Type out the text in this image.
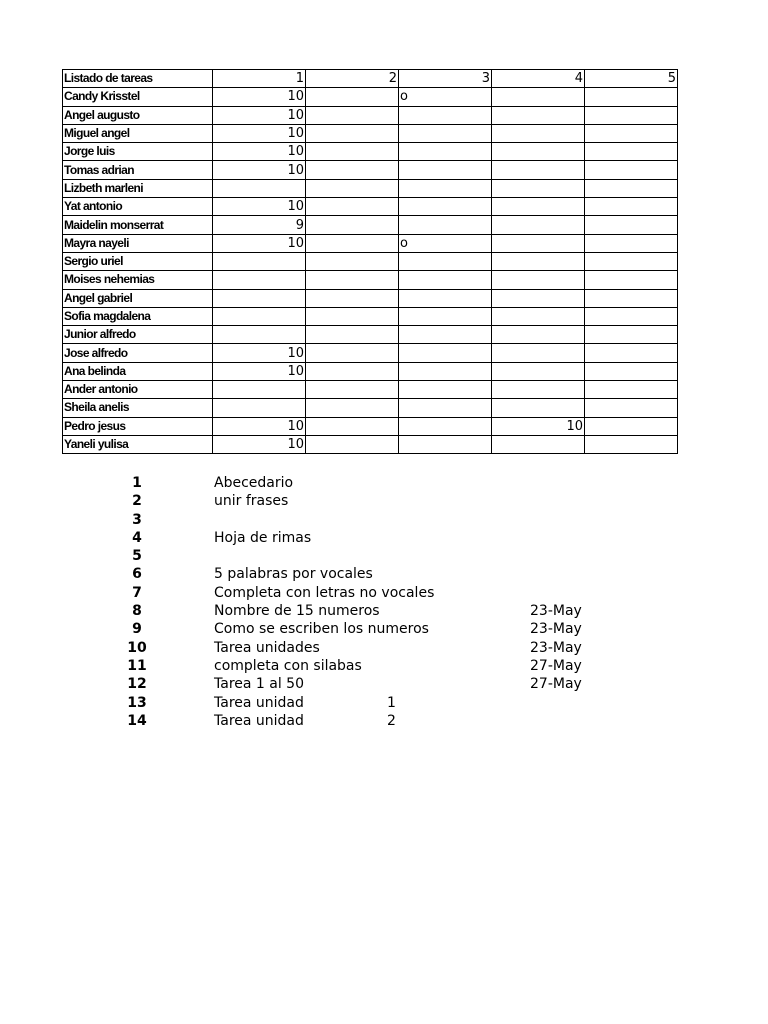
Listado de tareas	1	2	3	4	5
Candy Krisstel	10		o		
Angel augusto	10				
Miguel angel	10				
Jorge luis	10				
Tomas adrian	10				
Lizbeth marleni					
Yat antonio	10				
Maidelin monserrat	9				
Mayra nayeli	10		o		
Sergio uriel					
Moises nehemias					
Angel gabriel					
Sofia magdalena					
Junior alfredo					
Jose alfredo	10				
Ana belinda	10				
Ander antonio					
Sheila anelis					
Pedro jesus	10			10	
Yaneli yulisa	10				
1	Abecedario
2	unir frases
3
4	Hoja de rimas
5
6	5 palabras por vocales
7	Completa con letras no vocales
8	Nombre de 15 numeros	23-May
9	Como se escriben los numeros	23-May
10	Tarea unidades	23-May
11	completa con silabas	27-May
12	Tarea 1 al 50	27-May
13	Tarea unidad	1
14	Tarea unidad	2
